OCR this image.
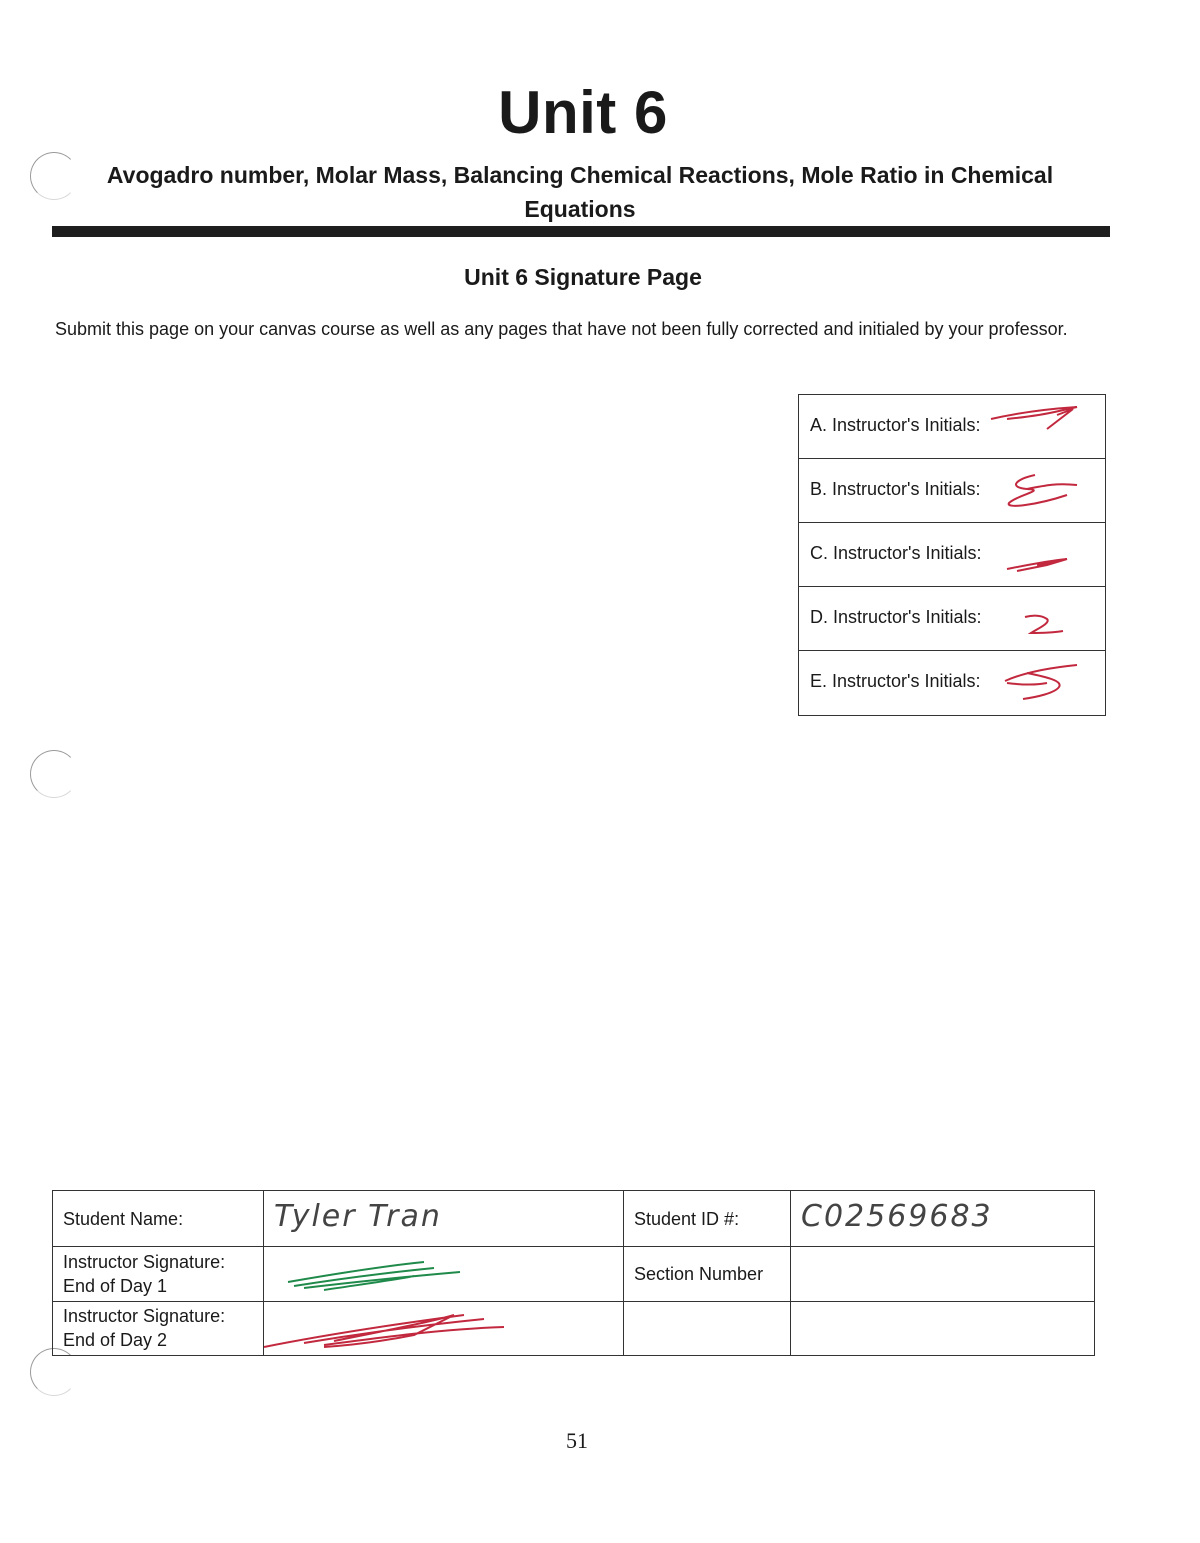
Unit 6
Avogadro number, Molar Mass, Balancing Chemical Reactions, Mole Ratio in Chemical Equations
Unit 6 Signature Page
Submit this page on your canvas course as well as any pages that have not been fully corrected and initialed by your professor.
A. Instructor's Initials:
B. Instructor's Initials:
C. Instructor's Initials:
D. Instructor's Initials:
E. Instructor's Initials:
Student Name:	Tyler Tran	Student ID #:	C02569683

Instructor Signature:
End of Day 1		Section Number	

Instructor Signature:
End of Day 2

51
